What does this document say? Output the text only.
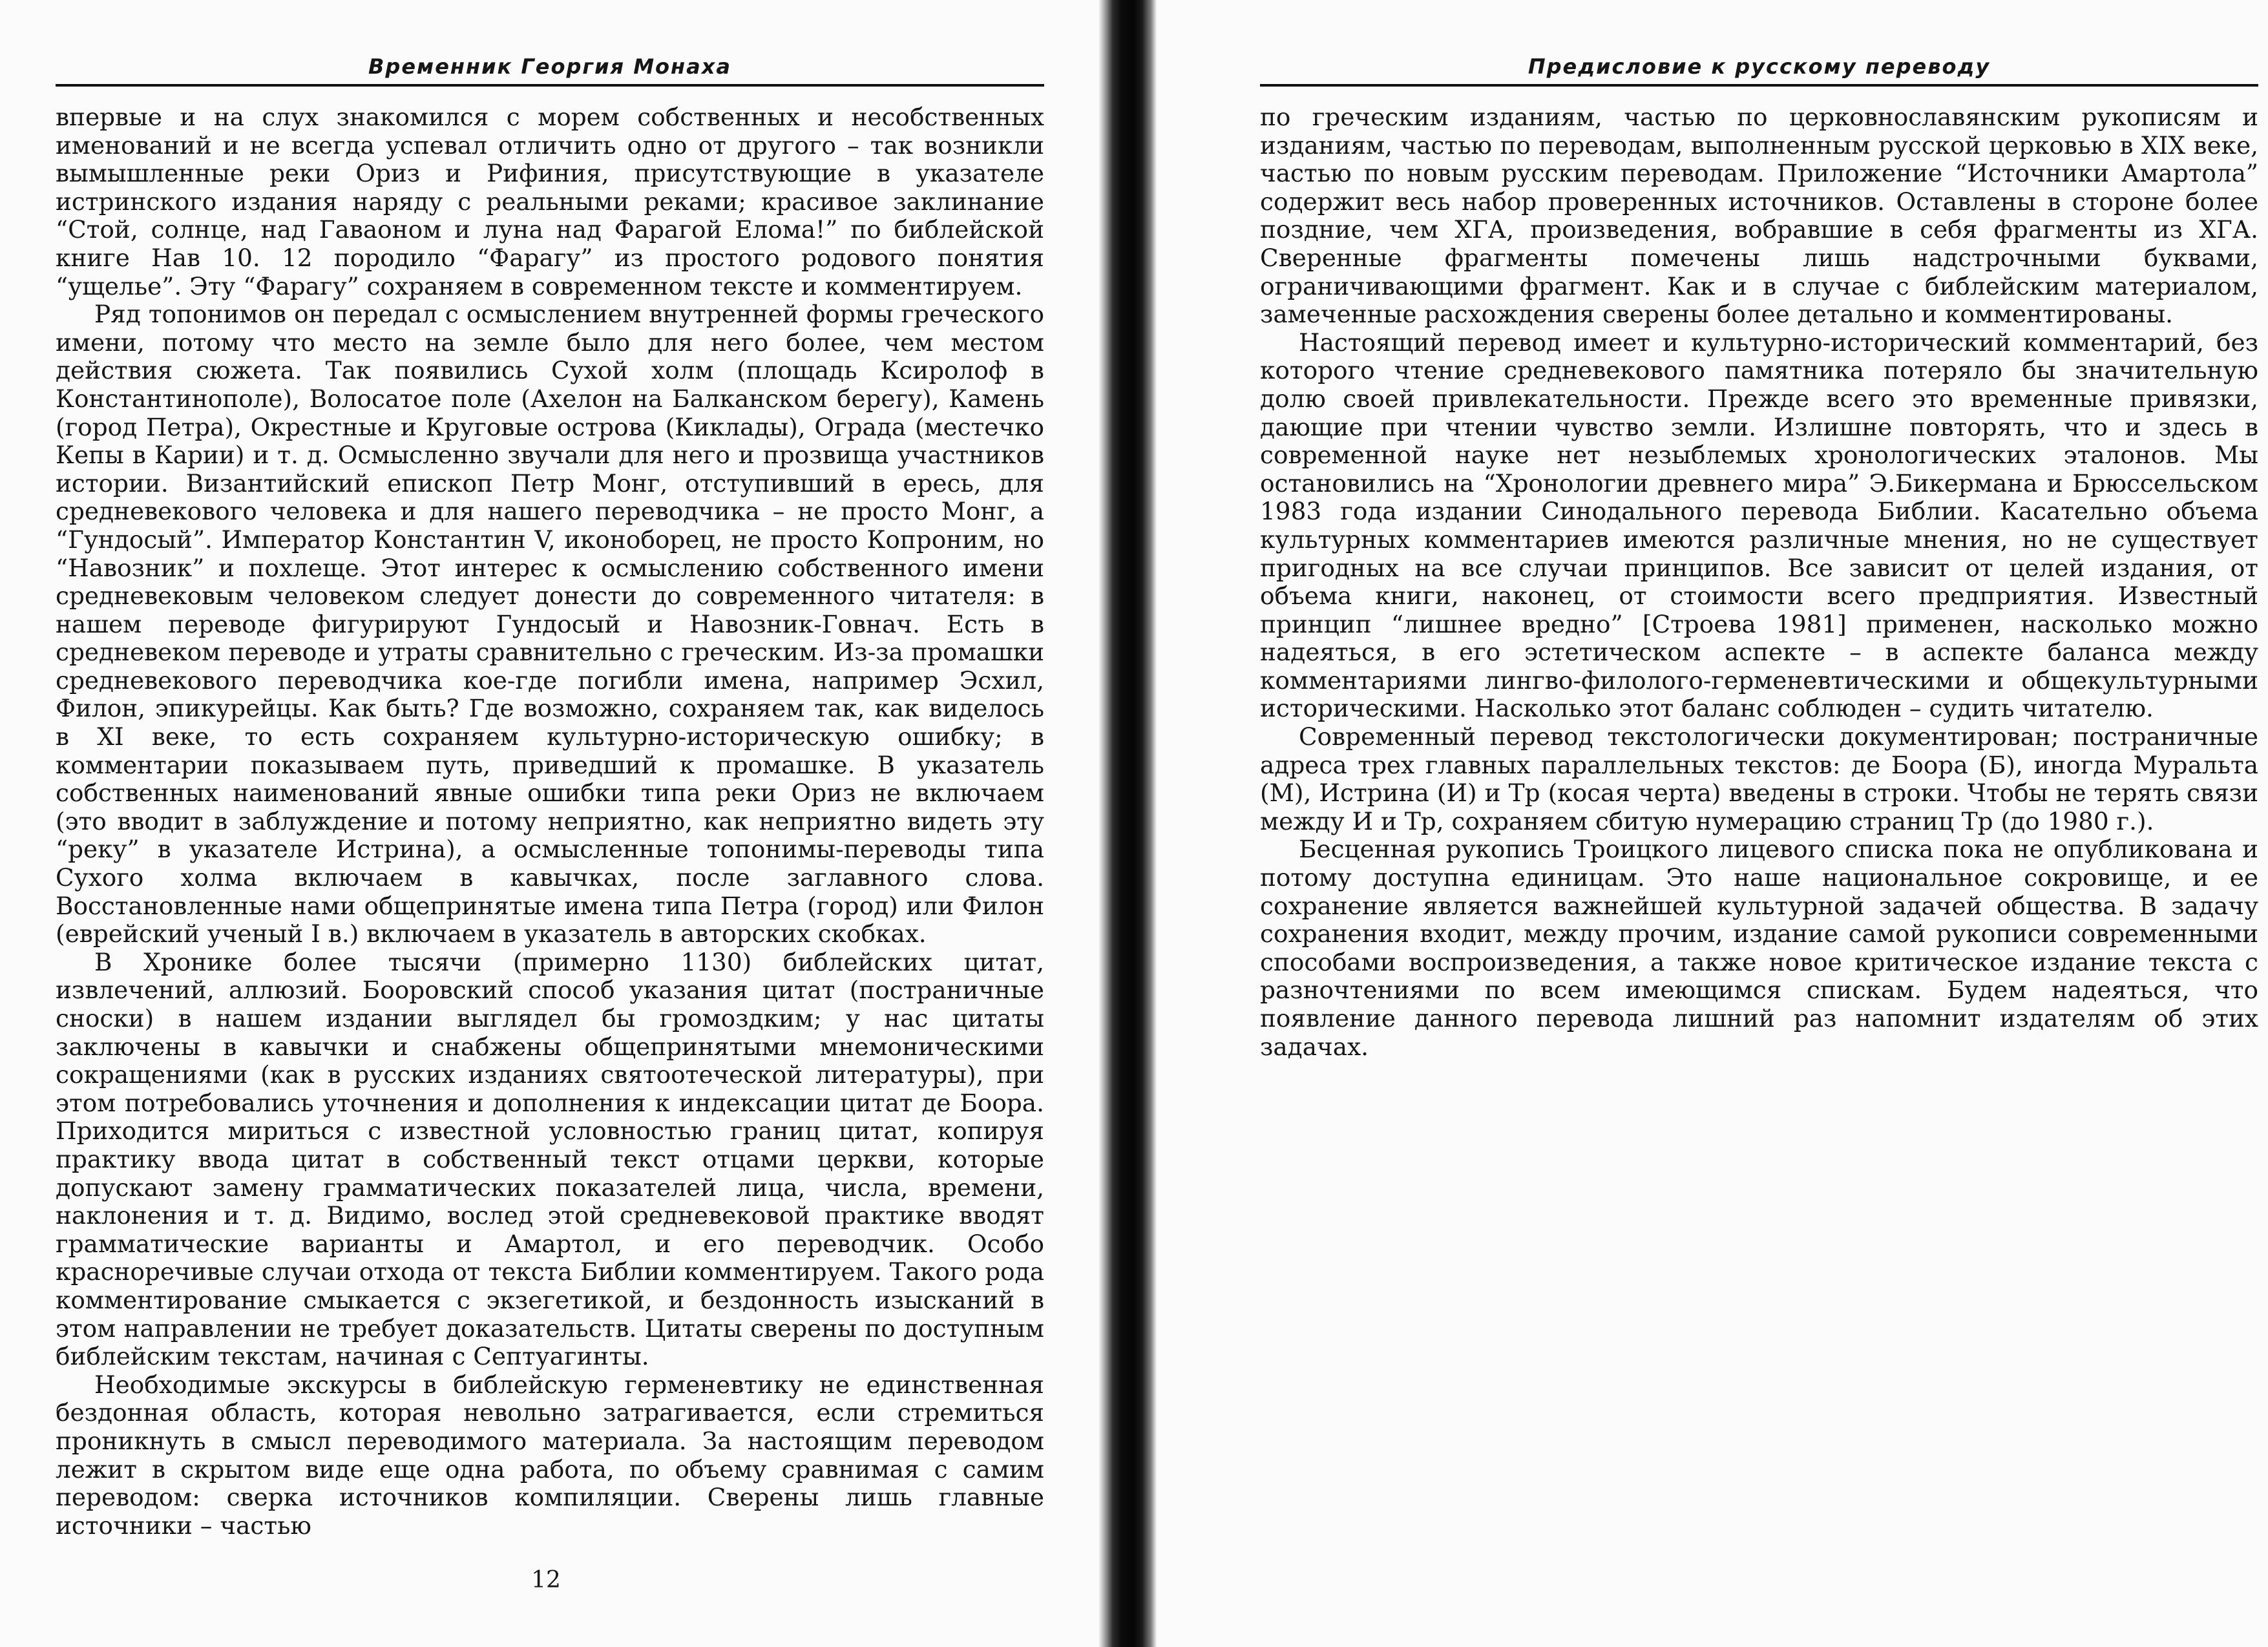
Временник Георгия Монаха

впервые и на слух знакомился с морем собственных и несобственных именований и не всегда успевал отличить одно от другого – так возникли вымышленные реки Ориз и Рифиния, присутствующие в указателе истринского издания наряду с реальными реками; красивое заклинание “Стой, солнце, над Гаваоном и луна над Фарагой Елома!” по библейской книге Нав 10. 12 породило “Фарагу” из простого родового понятия “ущелье”. Эту “Фарагу” сохраняем в современном тексте и комментируем.

Ряд топонимов он передал с осмыслением внутренней формы греческого имени, потому что место на земле было для него более, чем местом действия сюжета. Так появились Сухой холм (площадь Ксиролоф в Константинополе), Волосатое поле (Ахелон на Балканском берегу), Камень (город Петра), Окрестные и Круговые острова (Киклады), Ограда (местечко Кепы в Карии) и т. д. Осмысленно звучали для него и прозвища участников истории. Византийский епископ Петр Монг, отступивший в ересь, для средневекового человека и для нашего переводчика – не просто Монг, а “Гундосый”. Император Константин V, иконоборец, не просто Копроним, но “Навозник” и похлеще. Этот интерес к осмыслению собственного имени средневековым человеком следует донести до современного читателя: в нашем переводе фигурируют Гундосый и Навозник-Говнач. Есть в средневеком переводе и утраты сравнительно с греческим. Из-за промашки средневекового переводчика кое-где погибли имена, например Эсхил, Филон, эпикурейцы. Как быть? Где возможно, сохраняем так, как виделось в XI веке, то есть сохраняем культурно-историческую ошибку; в комментарии показываем путь, приведший к промашке. В указатель собственных наименований явные ошибки типа реки Ориз не включаем (это вводит в заблуждение и потому неприятно, как неприятно видеть эту “реку” в указателе Истрина), а осмысленные топонимы-переводы типа Сухого холма включаем в кавычках, после заглавного слова. Восстановленные нами общепринятые имена типа Петра (город) или Филон (еврейский ученый I в.) включаем в указатель в авторских скобках.

В Хронике более тысячи (примерно 1130) библейских цитат, извлечений, аллюзий. Бооровский способ указания цитат (постраничные сноски) в нашем издании выглядел бы громоздким; у нас цитаты заключены в кавычки и снабжены общепринятыми мнемоническими сокращениями (как в русских изданиях святоотеческой литературы), при этом потребовались уточнения и дополнения к индексации цитат де Боора. Приходится мириться с известной условностью границ цитат, копируя практику ввода цитат в собственный текст отцами церкви, которые допускают замену грамматических показателей лица, числа, времени, наклонения и т. д. Видимо, вослед этой средневековой практике вводят грамматические варианты и Амартол, и его переводчик. Особо красноречивые случаи отхода от текста Библии комментируем. Такого рода комментирование смыкается с экзегетикой, и бездонность изысканий в этом направлении не требует доказательств. Цитаты сверены по доступным библейским текстам, начиная с Септуагинты.

Необходимые экскурсы в библейскую герменевтику не единственная бездонная область, которая невольно затрагивается, если стремиться проникнуть в смысл переводимого материала. За настоящим переводом лежит в скрытом виде еще одна работа, по объему сравнимая с самим переводом: сверка источников компиляции. Сверены лишь главные источники – частью

12
Предисловие к русскому переводу

по греческим изданиям, частью по церковнославянским рукописям и изданиям, частью по переводам, выполненным русской церковью в XIX веке, частью по новым русским переводам. Приложение “Источники Амартола” содержит весь набор проверенных источников. Оставлены в стороне более поздние, чем ХГА, произведения, вобравшие в себя фрагменты из ХГА. Сверенные фрагменты помечены лишь надстрочными буквами, ограничивающими фрагмент. Как и в случае с библейским материалом, замеченные расхождения сверены более детально и комментированы.

Настоящий перевод имеет и культурно-исторический комментарий, без которого чтение средневекового памятника потеряло бы значительную долю своей привлекательности. Прежде всего это временные привязки, дающие при чтении чувство земли. Излишне повторять, что и здесь в современной науке нет незыблемых хронологических эталонов. Мы остановились на “Хронологии древнего мира” Э.Бикермана и Брюссельском 1983 года издании Синодального перевода Библии. Касательно объема культурных комментариев имеются различные мнения, но не существует пригодных на все случаи принципов. Все зависит от целей издания, от объема книги, наконец, от стоимости всего предприятия. Известный принцип “лишнее вредно” [Строева 1981] применен, насколько можно надеяться, в его эстетическом аспекте – в аспекте баланса между комментариями лингво-филолого-герменевтическими и общекультурными историческими. Насколько этот баланс соблюден – судить читателю.

Современный перевод текстологически документирован; постраничные адреса трех главных параллельных текстов: де Боора (Б), иногда Муральта (М), Истрина (И) и Тр (косая черта) введены в строки. Чтобы не терять связи между И и Тр, сохраняем сбитую нумерацию страниц Тр (до 1980 г.).

Бесценная рукопись Троицкого лицевого списка пока не опубликована и потому доступна единицам. Это наше национальное сокровище, и ее сохранение является важнейшей культурной задачей общества. В задачу сохранения входит, между прочим, издание самой рукописи современными способами воспроизведения, а также новое критическое издание текста с разночтениями по всем имеющимся спискам. Будем надеяться, что появление данного перевода лишний раз напомнит издателям об этих задачах.
